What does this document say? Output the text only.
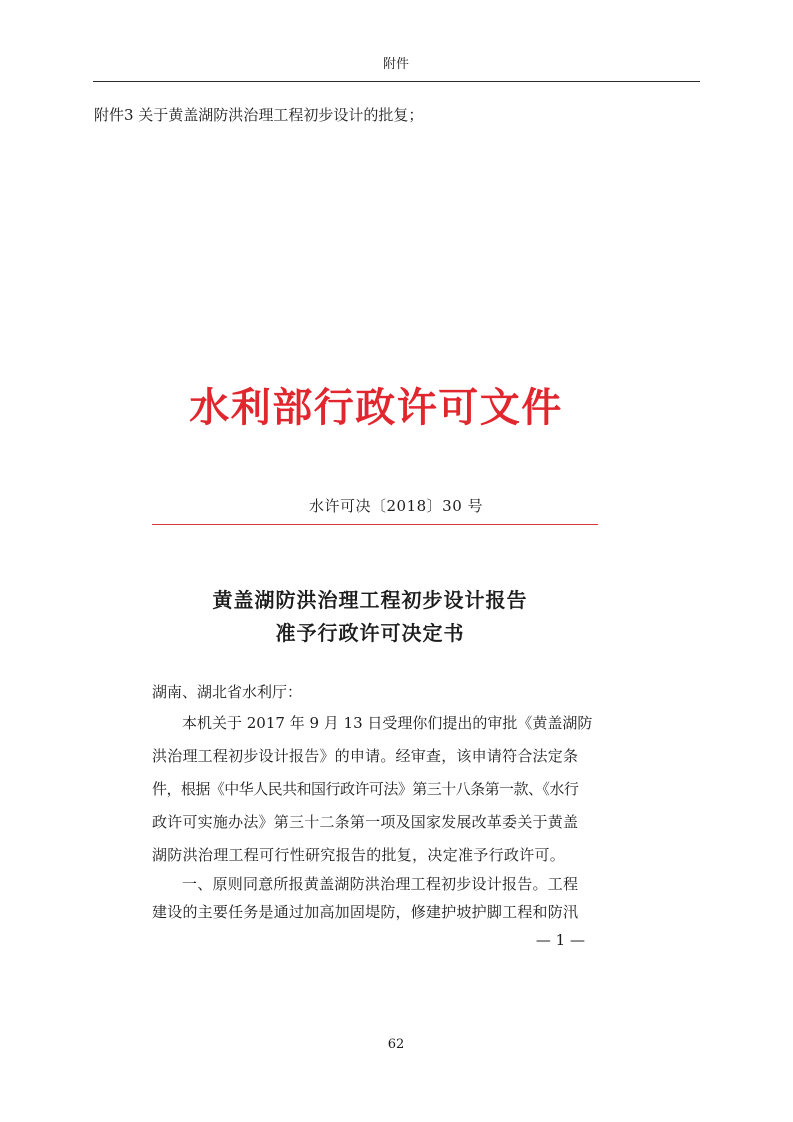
附件
附件3 关于黄盖湖防洪治理工程初步设计的批复；
水利部行政许可文件
水许可决〔2018〕30 号
黄盖湖防洪治理工程初步设计报告
准予行政许可决定书
湖南、湖北省水利厅：
本机关于 2017 年 9 月 13 日受理你们提出的审批《黄盖湖防
洪治理工程初步设计报告》的申请。经审查，该申请符合法定条
件，根据《中华人民共和国行政许可法》第三十八条第一款、《水行
政许可实施办法》第三十二条第一项及国家发展改革委关于黄盖
湖防洪治理工程可行性研究报告的批复，决定准予行政许可。
一、原则同意所报黄盖湖防洪治理工程初步设计报告。工程
建设的主要任务是通过加高加固堤防，修建护坡护脚工程和防汛
— 1 —
62
